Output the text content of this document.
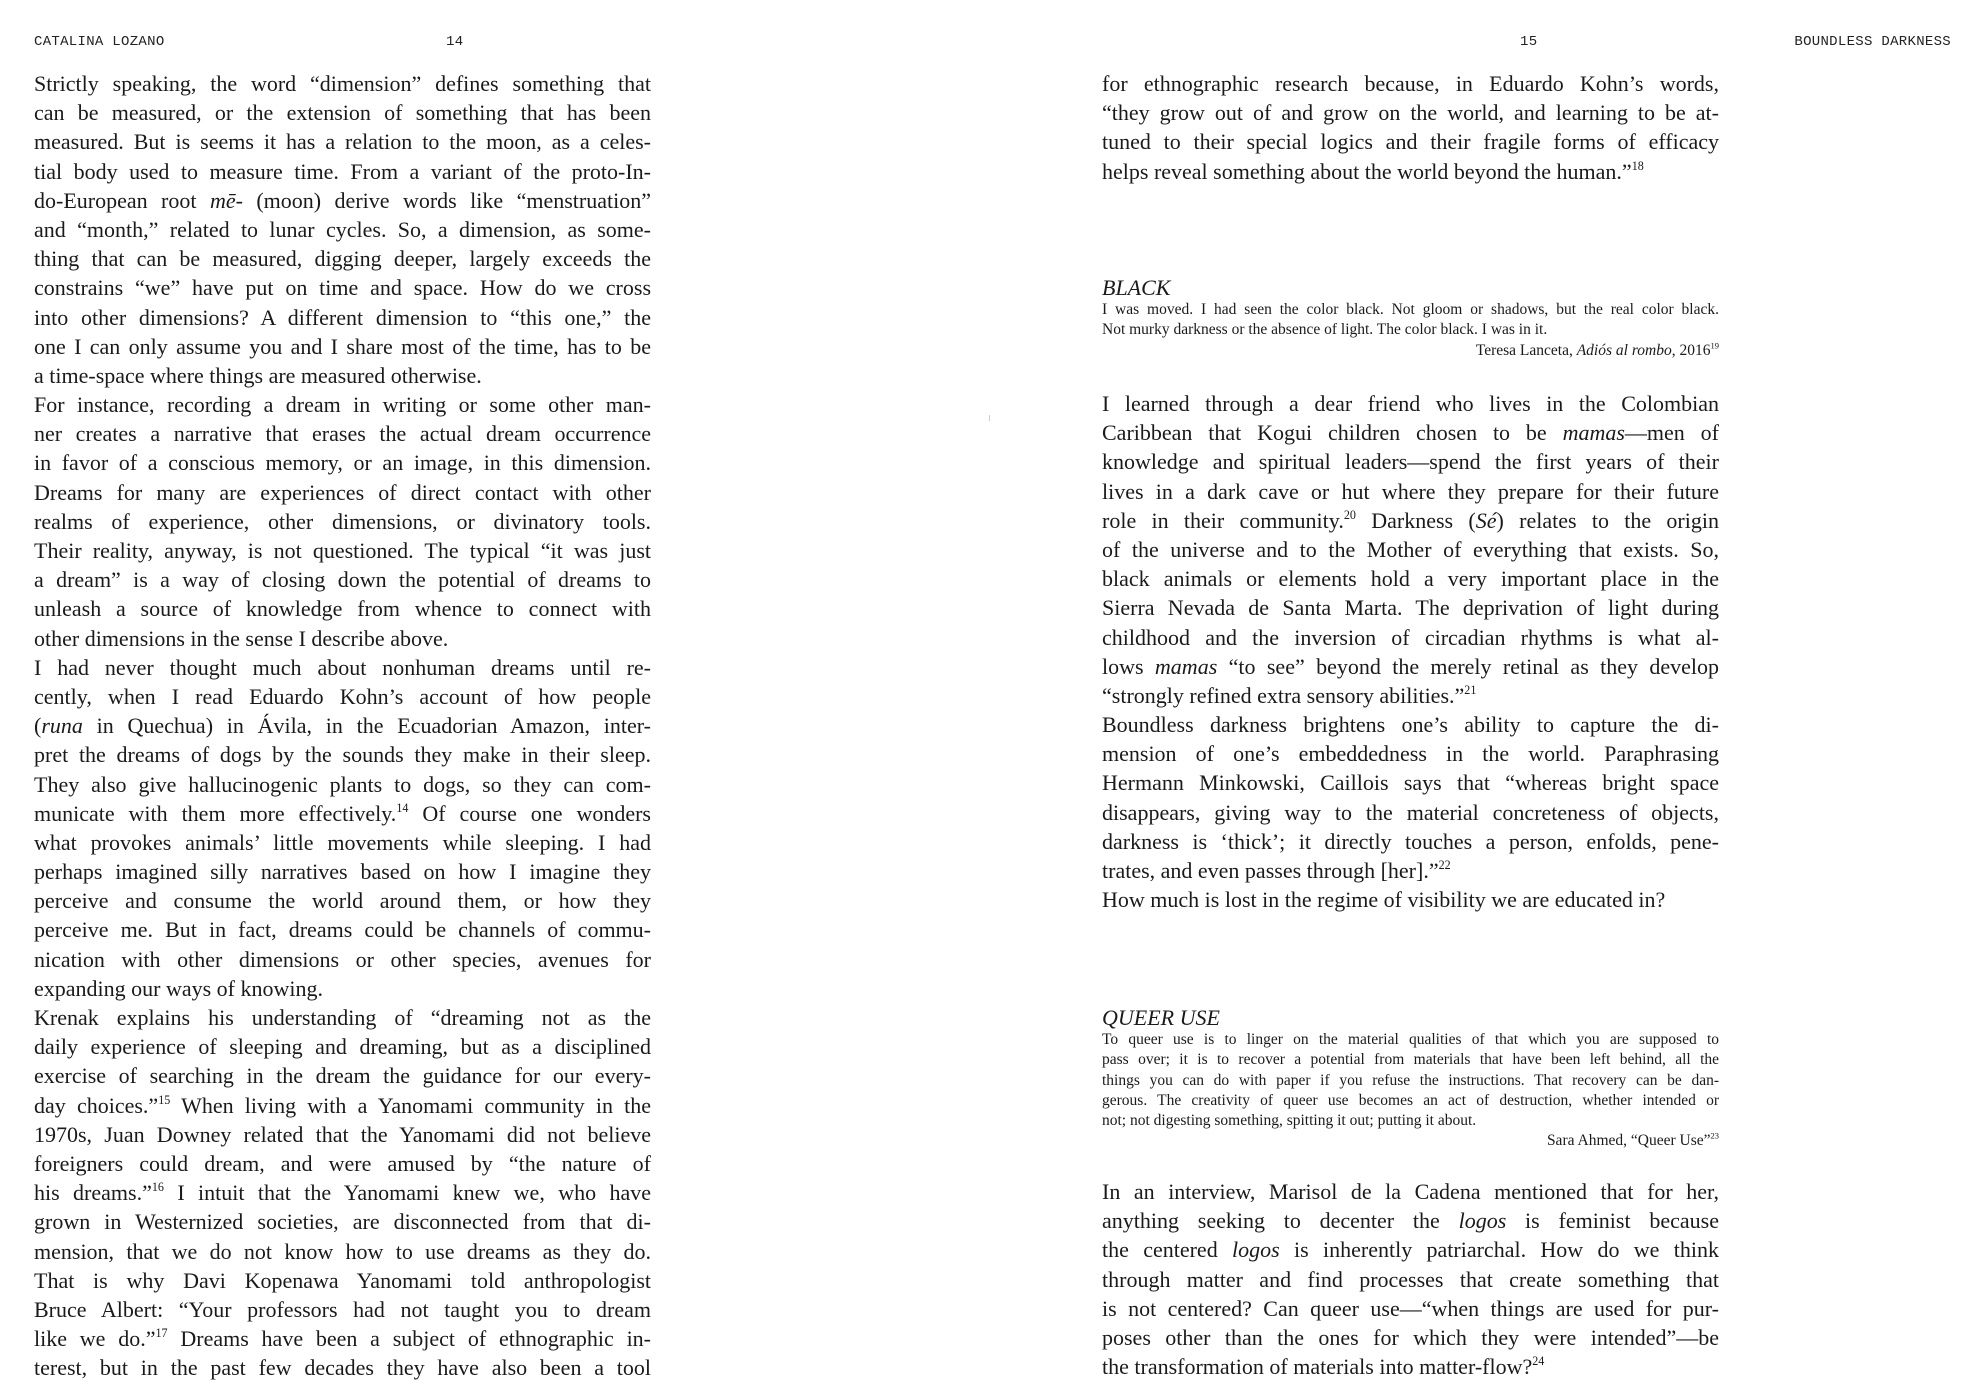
CATALINA LOZANO	14	15	BOUNDLESS DARKNESS
Strictly speaking, the word “dimension” defines something that
can be measured, or the extension of something that has been
measured. But is seems it has a relation to the moon, as a celes-
tial body used to measure time. From a variant of the proto-In-
do-European root mē- (moon) derive words like “menstruation”
and “month,” related to lunar cycles. So, a dimension, as some-
thing that can be measured, digging deeper, largely exceeds the
constrains “we” have put on time and space. How do we cross
into other dimensions? A different dimension to “this one,” the
one I can only assume you and I share most of the time, has to be
a time-space where things are measured otherwise.
For instance, recording a dream in writing or some other man-
ner creates a narrative that erases the actual dream occurrence
in favor of a conscious memory, or an image, in this dimension.
Dreams for many are experiences of direct contact with other
realms of experience, other dimensions, or divinatory tools.
Their reality, anyway, is not questioned. The typical “it was just
a dream” is a way of closing down the potential of dreams to
unleash a source of knowledge from whence to connect with
other dimensions in the sense I describe above.
I had never thought much about nonhuman dreams until re-
cently, when I read Eduardo Kohn’s account of how people
(runa in Quechua) in Ávila, in the Ecuadorian Amazon, inter-
pret the dreams of dogs by the sounds they make in their sleep.
They also give hallucinogenic plants to dogs, so they can com-
municate with them more effectively.$^{14}$ Of course one wonders
what provokes animals’ little movements while sleeping. I had
perhaps imagined silly narratives based on how I imagine they
perceive and consume the world around them, or how they
perceive me. But in fact, dreams could be channels of commu-
nication with other dimensions or other species, avenues for
expanding our ways of knowing.
Krenak explains his understanding of “dreaming not as the
daily experience of sleeping and dreaming, but as a disciplined
exercise of searching in the dream the guidance for our every-
day choices.”$^{15}$ When living with a Yanomami community in the
1970s, Juan Downey related that the Yanomami did not believe
foreigners could dream, and were amused by “the nature of
his dreams.”$^{16}$ I intuit that the Yanomami knew we, who have
grown in Westernized societies, are disconnected from that di-
mension, that we do not know how to use dreams as they do.
That is why Davi Kopenawa Yanomami told anthropologist
Bruce Albert: “Your professors had not taught you to dream
like we do.”$^{17}$ Dreams have been a subject of ethnographic in-
terest, but in the past few decades they have also been a tool
for ethnographic research because, in Eduardo Kohn’s words,
“they grow out of and grow on the world, and learning to be at-
tuned to their special logics and their fragile forms of efficacy
helps reveal something about the world beyond the human.”$^{18}$
BLACK
I was moved. I had seen the color black. Not gloom or shadows, but the real color black.
Not murky darkness or the absence of light. The color black. I was in it.
Teresa Lanceta, Adiós al rombo, 2016$^{19}$
I learned through a dear friend who lives in the Colombian
Caribbean that Kogui children chosen to be mamas—men of
knowledge and spiritual leaders—spend the first years of their
lives in a dark cave or hut where they prepare for their future
role in their community.$^{20}$ Darkness (Sé) relates to the origin
of the universe and to the Mother of everything that exists. So,
black animals or elements hold a very important place in the
Sierra Nevada de Santa Marta. The deprivation of light during
childhood and the inversion of circadian rhythms is what al-
lows mamas “to see” beyond the merely retinal as they develop
“strongly refined extra sensory abilities.”$^{21}$
Boundless darkness brightens one’s ability to capture the di-
mension of one’s embeddedness in the world. Paraphrasing
Hermann Minkowski, Caillois says that “whereas bright space
disappears, giving way to the material concreteness of objects,
darkness is ‘thick’; it directly touches a person, enfolds, pene-
trates, and even passes through [her].”$^{22}$
How much is lost in the regime of visibility we are educated in?
QUEER USE
To queer use is to linger on the material qualities of that which you are supposed to
pass over; it is to recover a potential from materials that have been left behind, all the
things you can do with paper if you refuse the instructions. That recovery can be dan-
gerous. The creativity of queer use becomes an act of destruction, whether intended or
not; not digesting something, spitting it out; putting it about.
Sara Ahmed, “Queer Use”$^{23}$
In an interview, Marisol de la Cadena mentioned that for her,
anything seeking to decenter the logos is feminist because
the centered logos is inherently patriarchal. How do we think
through matter and find processes that create something that
is not centered? Can queer use—“when things are used for pur-
poses other than the ones for which they were intended”—be
the transformation of materials into matter-flow?$^{24}$
